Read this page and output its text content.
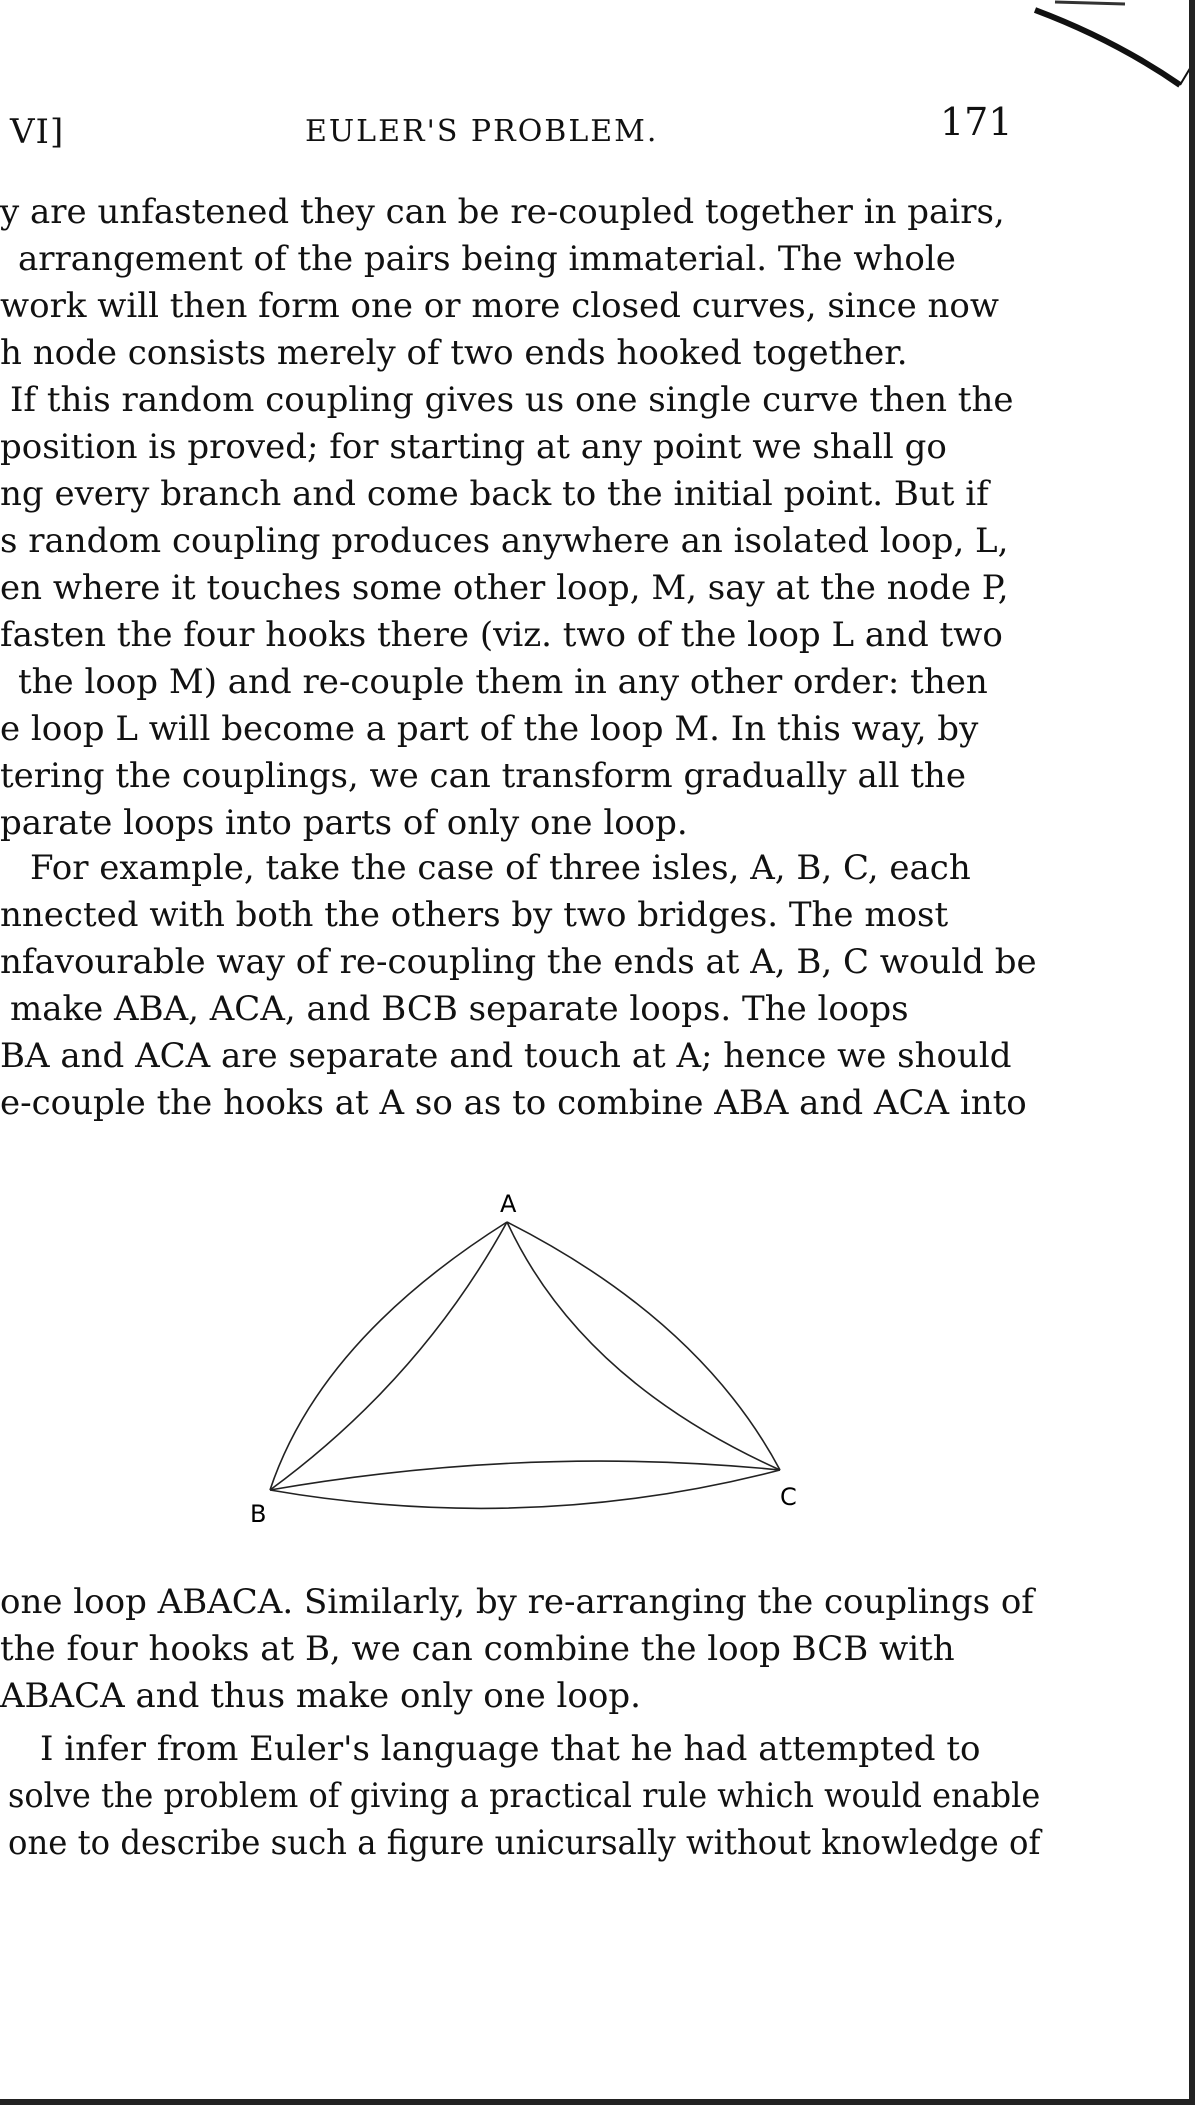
VI]	EULER'S PROBLEM.	171
y are unfastened they can be re-coupled together in pairs,
arrangement of the pairs being immaterial. The whole
work will then form one or more closed curves, since now
h node consists merely of two ends hooked together.
If this random coupling gives us one single curve then the
position is proved; for starting at any point we shall go
ng every branch and come back to the initial point. But if
s random coupling produces anywhere an isolated loop, L,
en where it touches some other loop, M, say at the node P,
fasten the four hooks there (viz. two of the loop L and two
the loop M) and re-couple them in any other order: then
e loop L will become a part of the loop M. In this way, by
tering the couplings, we can transform gradually all the
parate loops into parts of only one loop.
For example, take the case of three isles, A, B, C, each
nnected with both the others by two bridges. The most
nfavourable way of re-coupling the ends at A, B, C would be
make ABA, ACA, and BCB separate loops. The loops
BA and ACA are separate and touch at A; hence we should
e-couple the hooks at A so as to combine ABA and ACA into
A
B
C
one loop ABACA. Similarly, by re-arranging the couplings of
the four hooks at B, we can combine the loop BCB with
ABACA and thus make only one loop.
I infer from Euler's language that he had attempted to
solve the problem of giving a practical rule which would enable
one to describe such a figure unicursally without knowledge of
